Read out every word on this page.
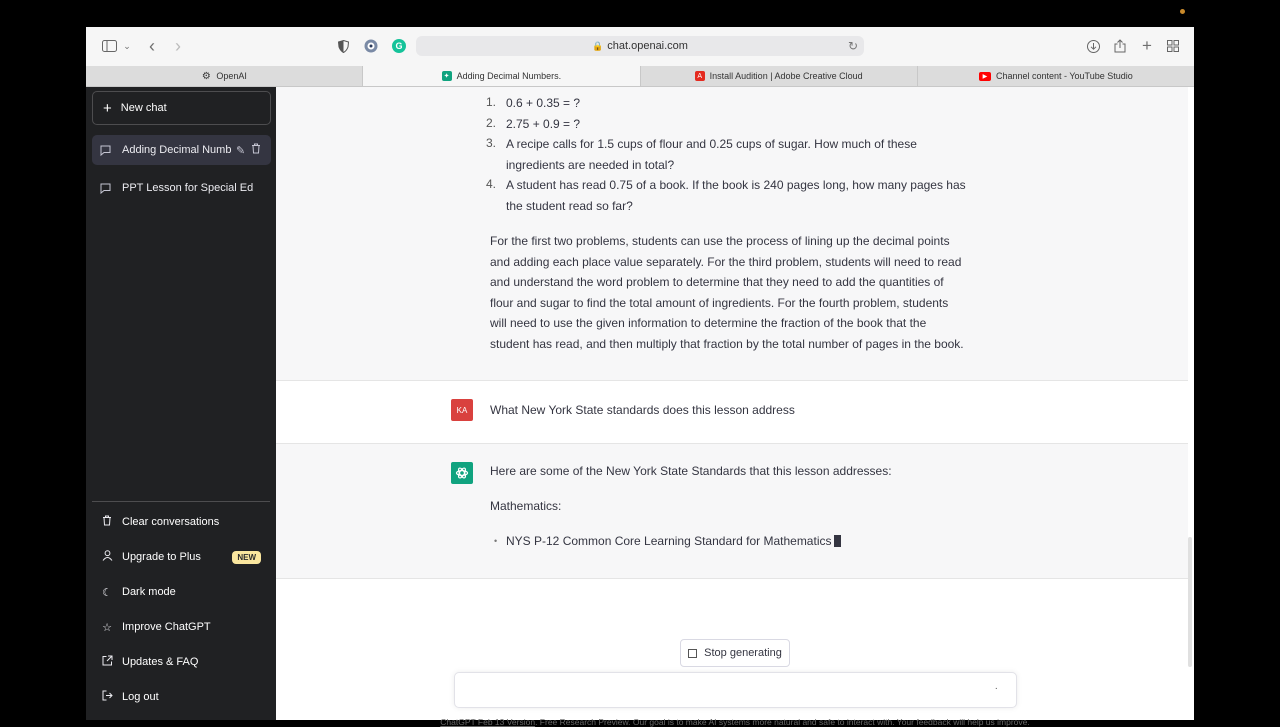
⌄ ‹ ›	G	🔒 chat.openai.com	↻	+
⚙ OpenAI	✦ Adding Decimal Numbers.	A Install Audition | Adobe Creative Cloud	▶ Channel content - YouTube Studio
+ New chat
Adding Decimal Numb ✎
PPT Lesson for Special Ed
Clear conversations
Upgrade to Plus	NEW
☾ Dark mode
☆ Improve ChatGPT
Updates & FAQ
Log out
1. 0.6 + 0.35 = ?
2. 2.75 + 0.9 = ?
3. A recipe calls for 1.5 cups of flour and 0.25 cups of sugar. How much of these
ingredients are needed in total?
4. A student has read 0.75 of a book. If the book is 240 pages long, how many pages has
the student read so far?
For the first two problems, students can use the process of lining up the decimal points
and adding each place value separately. For the third problem, students will need to read
and understand the word problem to determine that they need to add the quantities of
flour and sugar to find the total amount of ingredients. For the fourth problem, students
will need to use the given information to determine the fraction of the book that the
student has read, and then multiply that fraction by the total number of pages in the book.
KA	What New York State standards does this lesson address
Here are some of the New York State Standards that this lesson addresses:
Mathematics:
• NYS P-12 Common Core Learning Standard for Mathematics
Stop generating
·
ChatGPT Feb 13 Version. Free Research Preview. Our goal is to make AI systems more natural and safe to interact with. Your feedback will help us improve.
